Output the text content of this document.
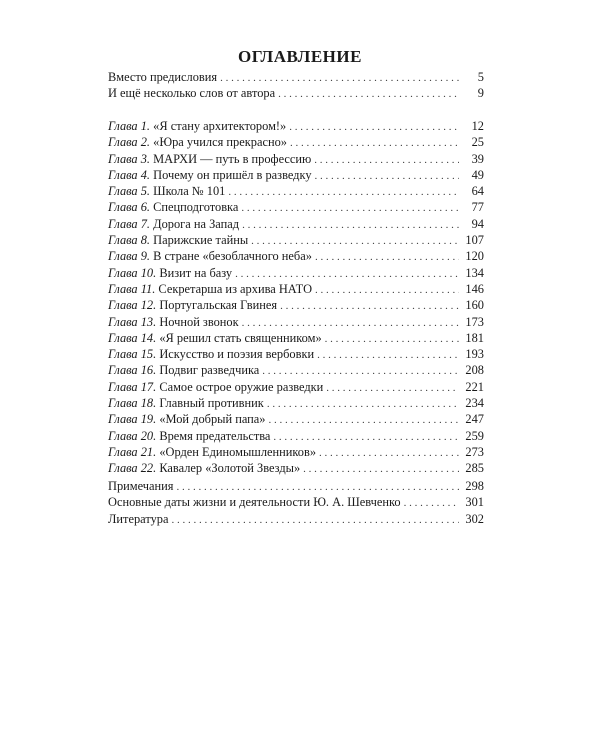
ОГЛАВЛЕНИЕ
Вместо предисловия . . .	5
И ещё несколько слов от автора . . .	9
Глава 1. «Я стану архитектором!» . . .	12
Глава 2. «Юра учился прекрасно» . . .	25
Глава 3. МАРХИ — путь в профессию . . .	39
Глава 4. Почему он пришёл в разведку . . .	49
Глава 5. Школа № 101 . . .	64
Глава 6. Спецподготовка . . .	77
Глава 7. Дорога на Запад . . .	94
Глава 8. Парижские тайны . . .	107
Глава 9. В стране «безоблачного неба» . . .	120
Глава 10. Визит на базу . . .	134
Глава 11. Секретарша из архива НАТО . . .	146
Глава 12. Португальская Гвинея . . .	160
Глава 13. Ночной звонок . . .	173
Глава 14. «Я решил стать священником» . . .	181
Глава 15. Искусство и поэзия вербовки . . .	193
Глава 16. Подвиг разведчика . . .	208
Глава 17. Самое острое оружие разведки . . .	221
Глава 18. Главный противник . . .	234
Глава 19. «Мой добрый папа» . . .	247
Глава 20. Время предательства . . .	259
Глава 21. «Орден Единомышленников» . . .	273
Глава 22. Кавалер «Золотой Звезды» . . .	285
Примечания . . .	298
Основные даты жизни и деятельности Ю. А. Шевченко . . .	301
Литература . . .	302
